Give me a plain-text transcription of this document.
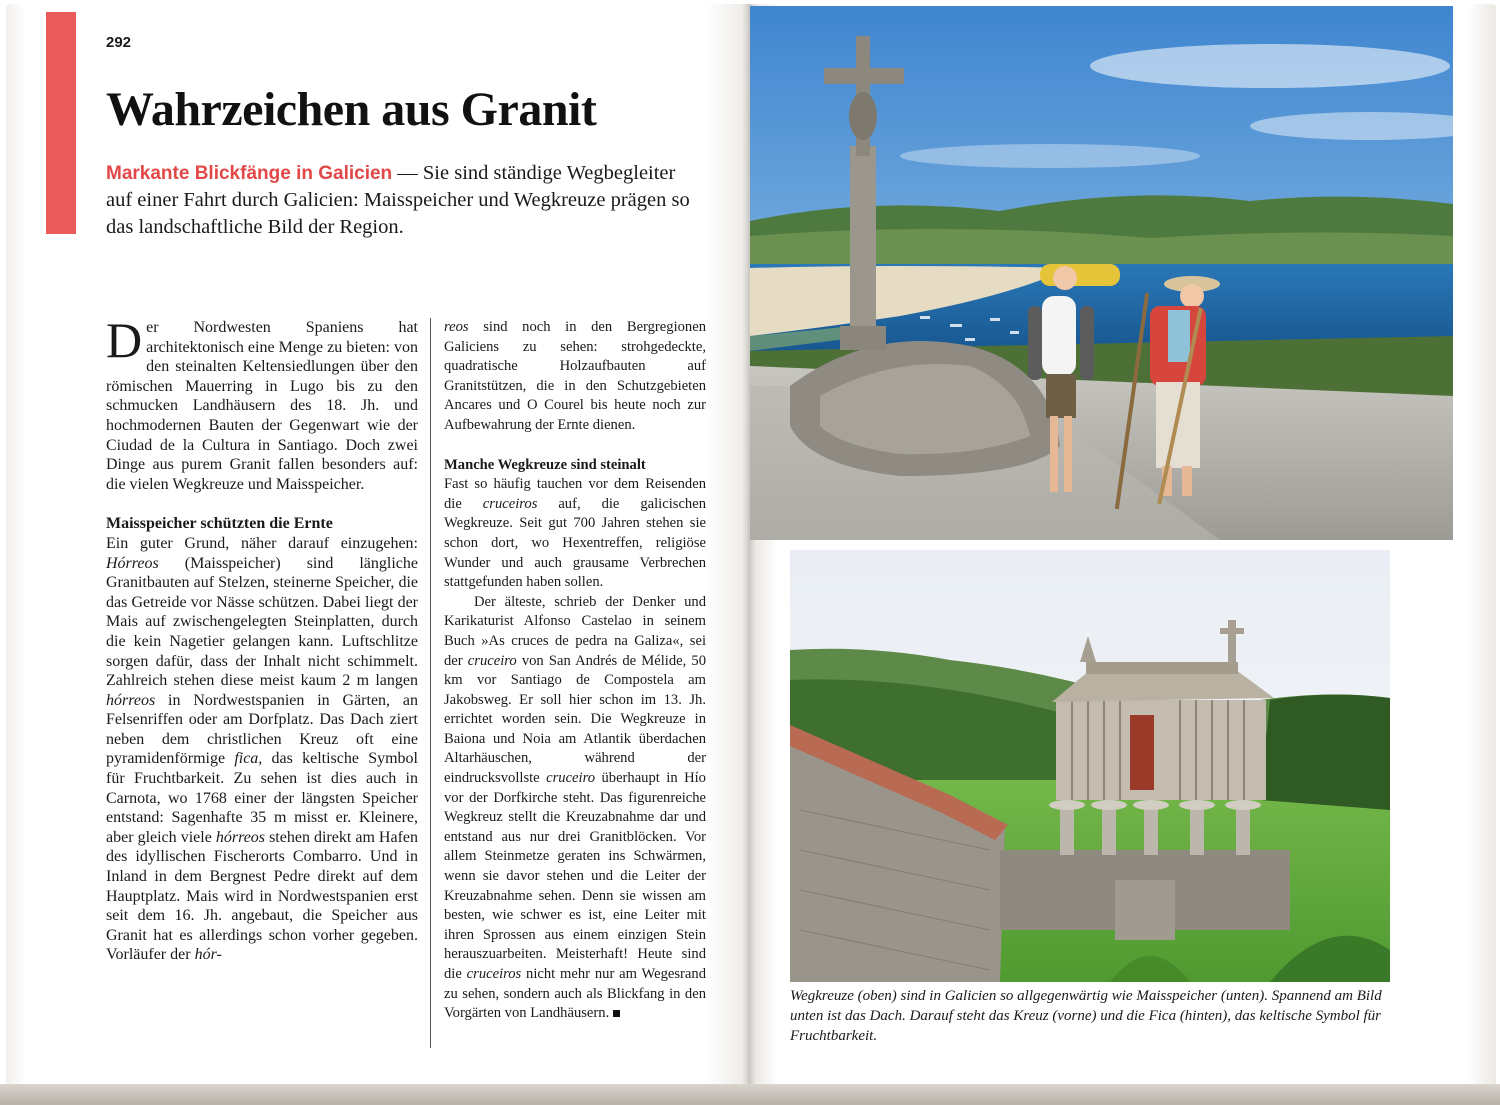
292
Wahrzeichen aus Granit
Markante Blickfänge in Galicien — Sie sind ständige Wegbegleiter auf einer Fahrt durch Galicien: Maisspeicher und Wegkreuze prägen so das landschaftliche Bild der Region.

Der Nordwesten Spaniens hat architektonisch eine Menge zu bieten: von den steinalten Keltensiedlungen über den römischen Mauerring in Lugo bis zu den schmucken Landhäusern des 18. Jh. und hochmodernen Bauten der Gegenwart wie der Ciudad de la Cultura in Santiago. Doch zwei Dinge aus purem Granit fallen besonders auf: die vielen Wegkreuze und Maisspeicher.

Maisspeicher schützten die Ernte

Ein guter Grund, näher darauf einzugehen: Hórreos (Maisspeicher) sind längliche Granitbauten auf Stelzen, steinerne Speicher, die das Getreide vor Nässe schützen. Dabei liegt der Mais auf zwischengelegten Steinplatten, durch die kein Nagetier gelangen kann. Luftschlitze sorgen dafür, dass der Inhalt nicht schimmelt. Zahlreich stehen diese meist kaum 2 m langen hórreos in Nordwestspanien in Gärten, an Felsenriffen oder am Dorfplatz. Das Dach ziert neben dem christlichen Kreuz oft eine pyramidenförmige fica, das keltische Symbol für Fruchtbarkeit. Zu sehen ist dies auch in Carnota, wo 1768 einer der längsten Speicher entstand: Sagenhafte 35 m misst er. Kleinere, aber gleich viele hórreos stehen direkt am Hafen des idyllischen Fischerorts Combarro. Und in Inland in dem Bergnest Pedre direkt auf dem Hauptplatz. Mais wird in Nordwestspanien erst seit dem 16. Jh. angebaut, die Speicher aus Granit hat es allerdings schon vorher gegeben. Vorläufer der hór-

reos sind noch in den Bergregionen Galiciens zu sehen: strohgedeckte, quadratische Holzaufbauten auf Granitstützen, die in den Schutzgebieten Ancares und O Courel bis heute noch zur Aufbewahrung der Ernte dienen.

Manche Wegkreuze sind steinalt

Fast so häufig tauchen vor dem Reisenden die cruceiros auf, die galicischen Wegkreuze. Seit gut 700 Jahren stehen sie schon dort, wo Hexentreffen, religiöse Wunder und auch grausame Verbrechen stattgefunden haben sollen.

Der älteste, schrieb der Denker und Karikaturist Alfonso Castelao in seinem Buch »As cruces de pedra na Galiza«, sei der cruceiro von San Andrés de Mélide, 50 km vor Santiago de Compostela am Jakobsweg. Er soll hier schon im 13. Jh. errichtet worden sein. Die Wegkreuze in Baiona und Noia am Atlantik überdachen Altarhäuschen, während der eindrucksvollste cruceiro überhaupt in Hío vor der Dorfkirche steht. Das figurenreiche Wegkreuz stellt die Kreuzabnahme dar und entstand aus nur drei Granitblöcken. Vor allem Steinmetze geraten ins Schwärmen, wenn sie davor stehen und die Leiter der Kreuzabnahme sehen. Denn sie wissen am besten, wie schwer es ist, eine Leiter mit ihren Sprossen aus einem einzigen Stein herauszuarbeiten. Meisterhaft! Heute sind die cruceiros nicht mehr nur am Wegesrand zu sehen, sondern auch als Blickfang in den Vorgärten von Landhäusern.

Wegkreuze (oben) sind in Galicien so allgegenwärtig wie Maisspeicher (unten). Spannend am Bild unten ist das Dach. Darauf steht das Kreuz (vorne) und die Fica (hinten), das keltische Symbol für Fruchtbarkeit.
